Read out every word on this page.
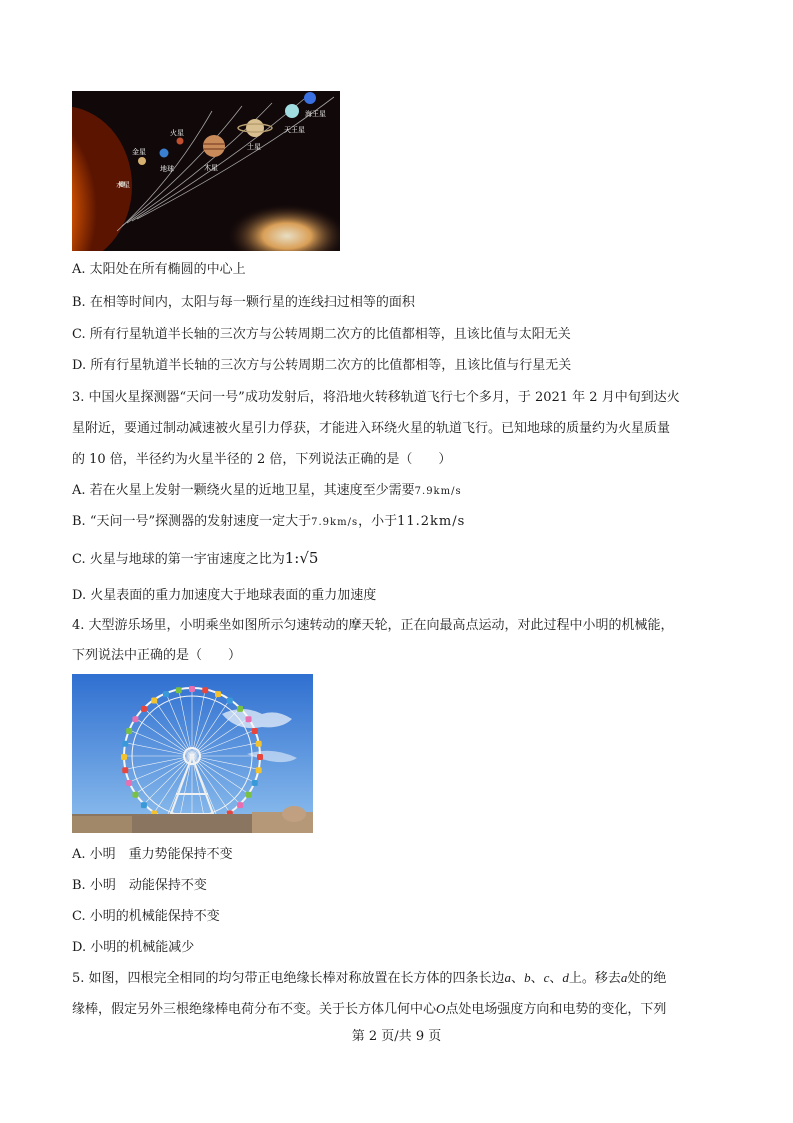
水星
金星
地球
火星
木星
土星
天王星
海王星
A. 太阳处在所有椭圆的中心上
B. 在相等时间内，太阳与每一颗行星的连线扫过相等的面积
C. 所有行星轨道半长轴的三次方与公转周期二次方的比值都相等，且该比值与太阳无关
D. 所有行星轨道半长轴的三次方与公转周期二次方的比值都相等，且该比值与行星无关
3. 中国火星探测器“天问一号”成功发射后，将沿地火转移轨道飞行七个多月，于 2021 年 2 月中旬到达火
星附近，要通过制动减速被火星引力俘获，才能进入环绕火星的轨道飞行。已知地球的质量约为火星质量
的 10 倍，半径约为火星半径的 2 倍，下列说法正确的是（　　）
A. 若在火星上发射一颗绕火星的近地卫星，其速度至少需要7.9km/s
B. “天问一号”探测器的发射速度一定大于7.9km/s，小于11.2km/s
C. 火星与地球的第一宇宙速度之比为1:√5
D. 火星表面的重力加速度大于地球表面的重力加速度
4. 大型游乐场里，小明乘坐如图所示匀速转动的摩天轮，正在向最高点运动，对此过程中小明的机械能，
下列说法中正确的是（　　）
A. 小明　重力势能保持不变
B. 小明　动能保持不变
C. 小明的机械能保持不变
D. 小明的机械能减少
5. 如图，四根完全相同的均匀带正电绝缘长棒对称放置在长方体的四条长边a、b、c、d上。移去a处的绝
缘棒，假定另外三根绝缘棒电荷分布不变。关于长方体几何中心O点处电场强度方向和电势的变化，下列
第 2 页/共 9 页
